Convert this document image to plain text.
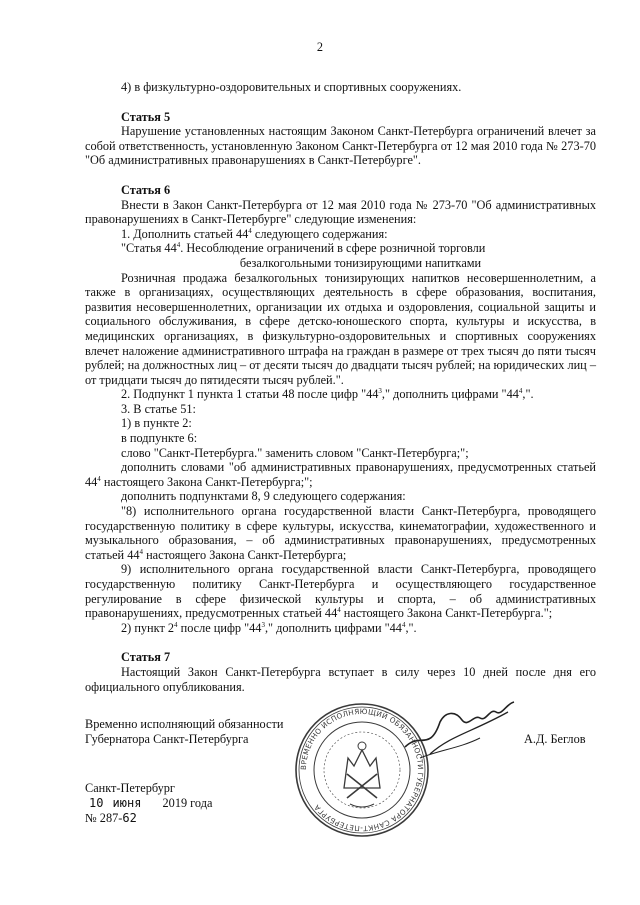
2

4) в физкультурно-оздоровительных и спортивных сооружениях.

Статья 5

Нарушение установленных настоящим Законом Санкт-Петербурга ограничений влечет за собой ответственность, установленную Законом Санкт-Петербурга от 12 мая 2010 года № 273-70 "Об административных правонарушениях в Санкт-Петербурге".

Статья 6

Внести в Закон Санкт-Петербурга от 12 мая 2010 года № 273-70 "Об административных правонарушениях в Санкт-Петербурге" следующие изменения:

1. Дополнить статьей $44^4$ следующего содержания:

"Статья $44^4$. Несоблюдение ограничений в сфере розничной торговли

безалкогольными тонизирующими напитками

Розничная продажа безалкогольных тонизирующих напитков несовершеннолетним, а также в организациях, осуществляющих деятельность в сфере образования, воспитания, развития несовершеннолетних, организации их отдыха и оздоровления, социальной защиты и социального обслуживания, в сфере детско-юношеского спорта, культуры и искусства, в медицинских организациях, в физкультурно-оздоровительных и спортивных сооружениях влечет наложение административного штрафа на граждан в размере от трех тысяч до пяти тысяч рублей; на должностных лиц – от десяти тысяч до двадцати тысяч рублей; на юридических лиц – от тридцати тысяч до пятидесяти тысяч рублей.".

2. Подпункт 1 пункта 1 статьи 48 после цифр "$44^3$," дополнить цифрами "$44^4$,".

3. В статье 51:

1) в пункте 2:

в подпункте 6:

слово "Санкт-Петербурга." заменить словом "Санкт-Петербурга;";

дополнить словами "об административных правонарушениях, предусмотренных статьей $44^4$ настоящего Закона Санкт-Петербурга;";

дополнить подпунктами 8, 9 следующего содержания:

"8) исполнительного органа государственной власти Санкт-Петербурга, проводящего государственную политику в сфере культуры, искусства, кинематографии, художественного и музыкального образования, – об административных правонарушениях, предусмотренных статьей $44^4$ настоящего Закона Санкт-Петербурга;

9) исполнительного органа государственной власти Санкт-Петербурга, проводящего государственную политику Санкт-Петербурга и осуществляющего государственное регулирование в сфере физической культуры и спорта, – об административных правонарушениях, предусмотренных статьей $44^4$ настоящего Закона Санкт-Петербурга.";

2) пункт $2^4$ после цифр "$44^3$," дополнить цифрами "$44^4$,".

Статья 7

Настоящий Закон Санкт-Петербурга вступает в силу через 10 дней после дня его официального опубликования.

ВРЕМЕННО ИСПОЛНЯЮЩИЙ ОБЯЗАННОСТИ ГУБЕРНАТОРА САНКТ-ПЕТЕРБУРГА
Временно исполняющий обязанности
Губернатора Санкт-Петербурга	А.Д. Беглов
Санкт-Петербург
10 июня 2019 года
№ 287-62
